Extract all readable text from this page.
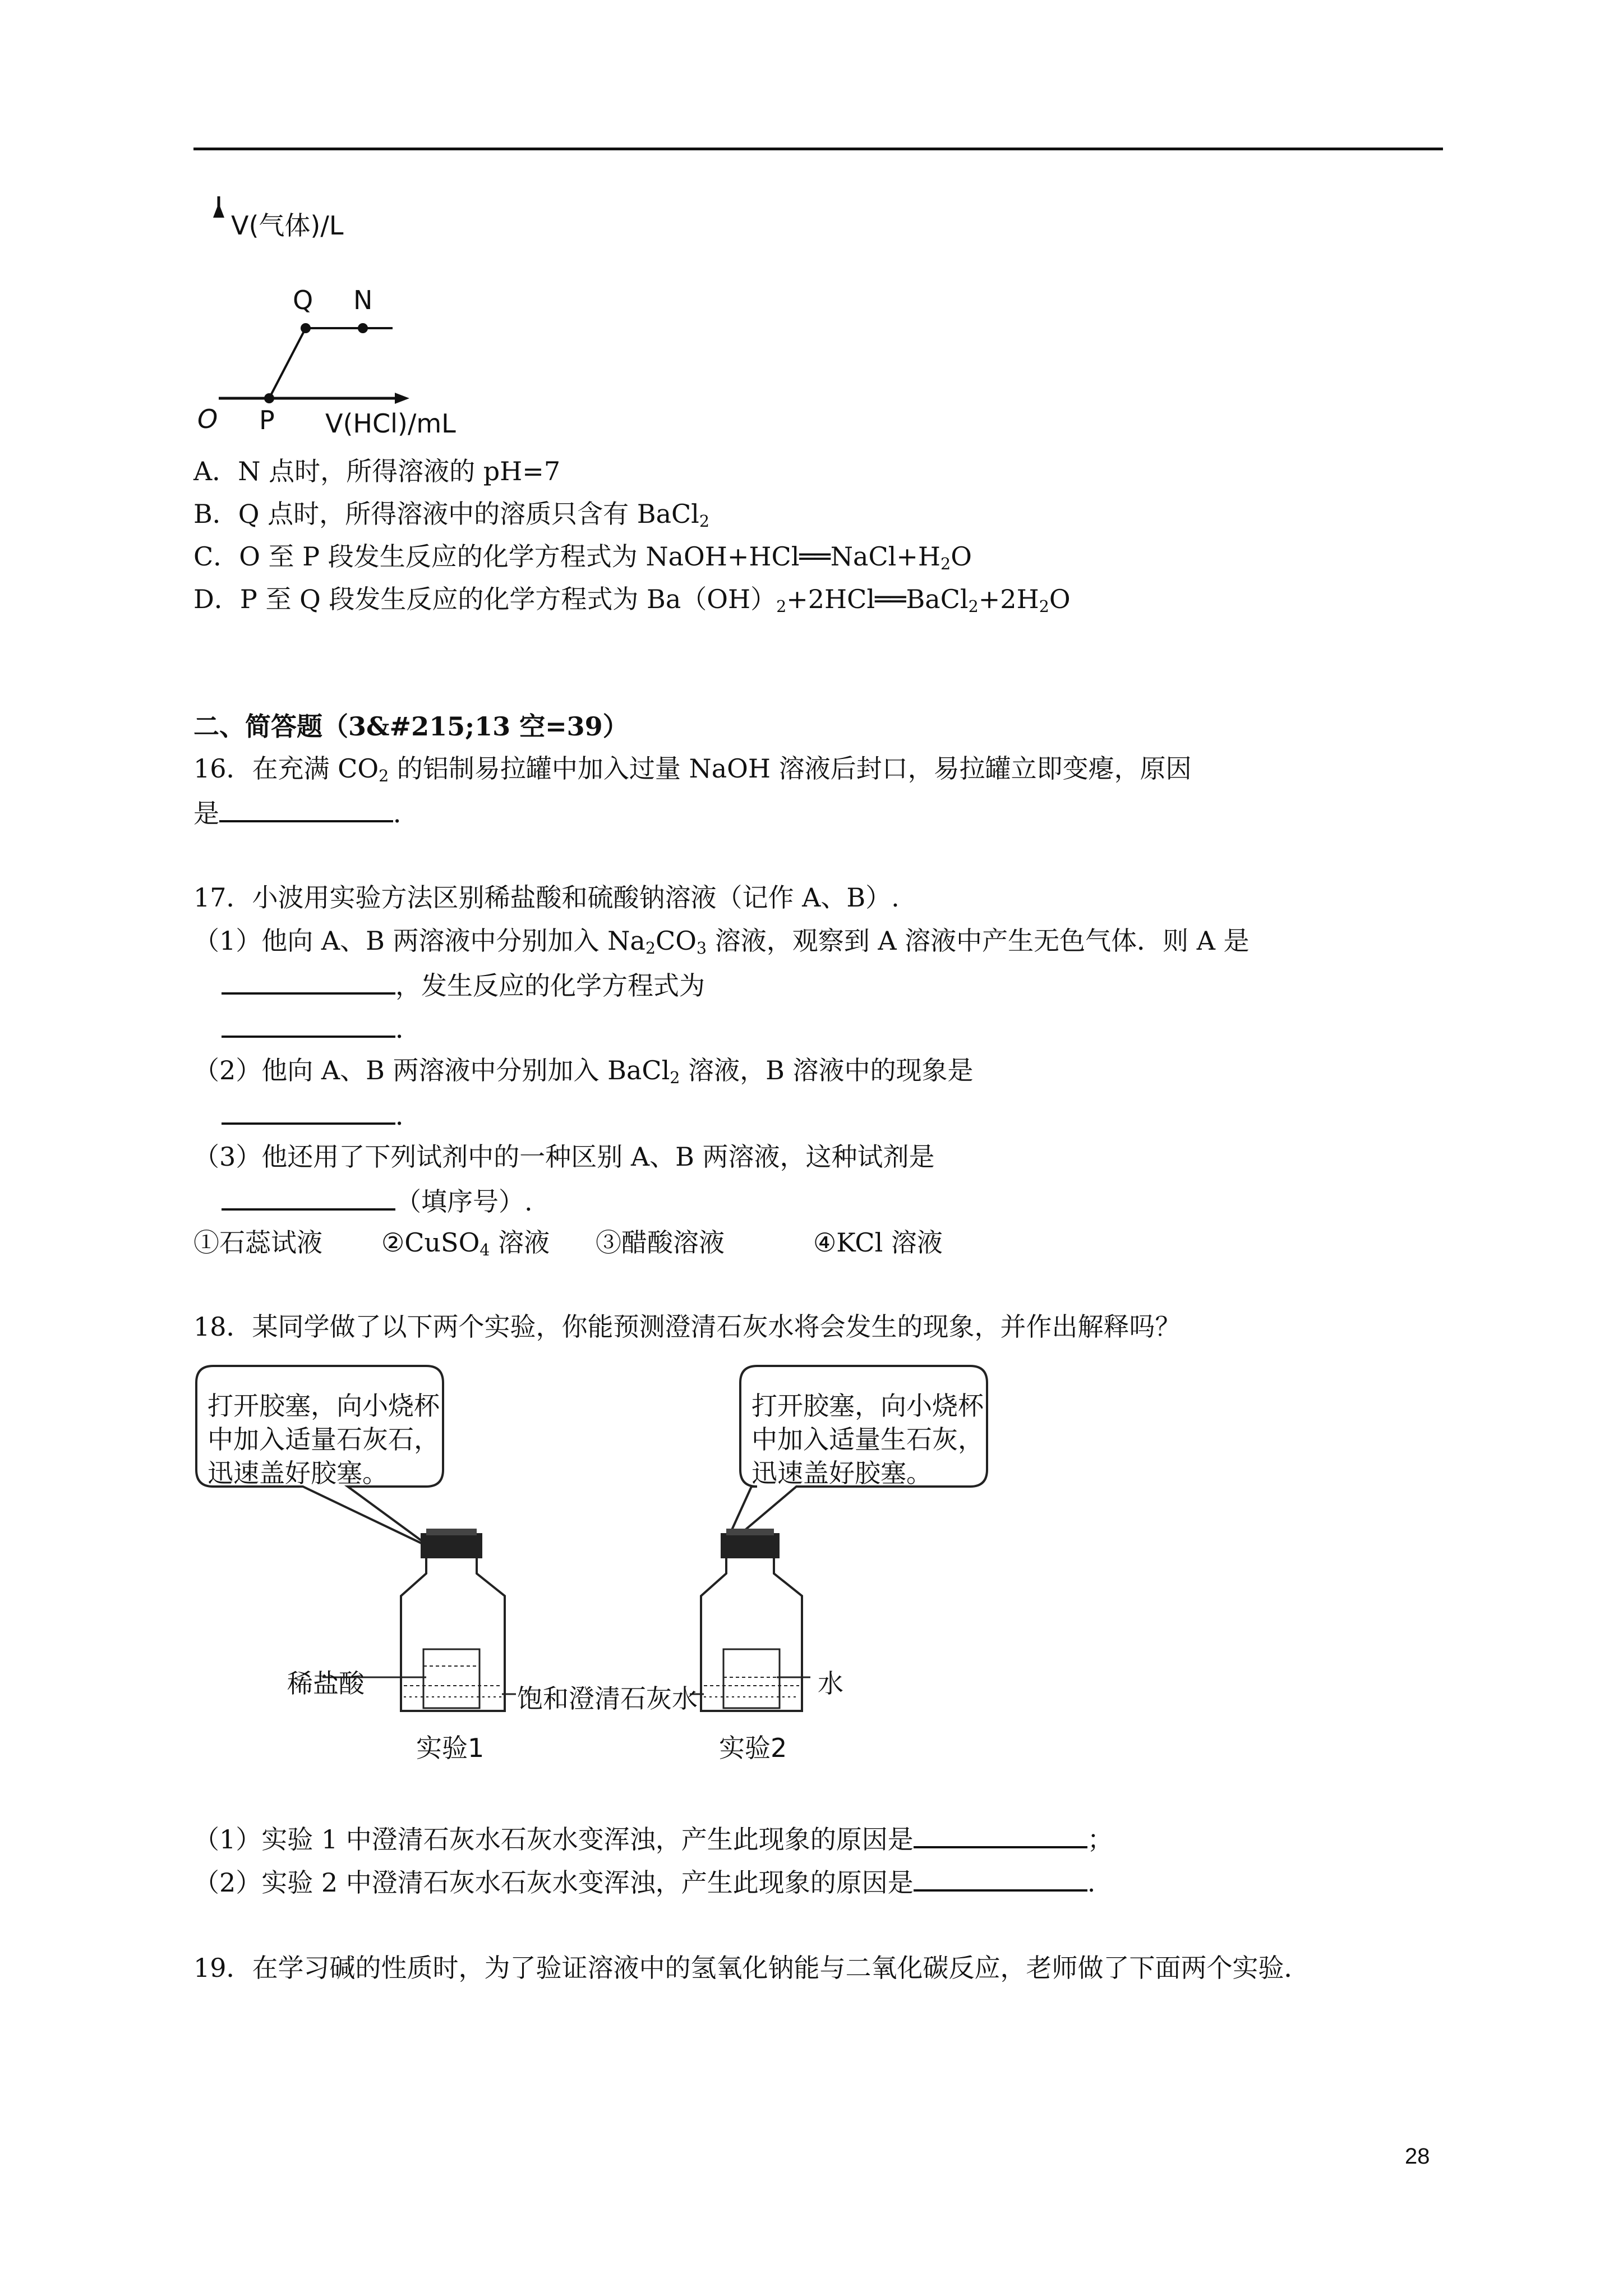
V(气体)/L
Q N
O P V(HCl)/mL
A．N 点时，所得溶液的 pH=7
B．Q 点时，所得溶液中的溶质只含有 BaCl$_2$
C．O 至 P 段发生反应的化学方程式为 $NaOH+HCl══NaCl+H_2O$
D．P 至 Q 段发生反应的化学方程式为 $Ba(OH)_2+2HCl══BaCl_2+2H_2O$
二、简答题（3&#215;13 空=39）
16．在充满 $CO_2$ 的铝制易拉罐中加入过量 NaOH 溶液后封口，易拉罐立即变瘪，原因
是	．
17．小波用实验方法区别稀盐酸和硫酸钠溶液（记作 A、B）.
（1）他向 A、B 两溶液中分别加入 $Na_2CO_3$ 溶液，观察到 A 溶液中产生无色气体．则 A 是
，发生反应的化学方程式为
．
（2）他向 A、B 两溶液中分别加入 BaCl$_2$ 溶液，B 溶液中的现象是
．
（3）他还用了下列试剂中的一种区别 A、B 两溶液，这种试剂是
（填序号）.
①石蕊试液 ②CuSO$_4$ 溶液 ③醋酸溶液	④KCl 溶液
18．某同学做了以下两个实验，你能预测澄清石灰水将会发生的现象，并作出解释吗？
打开胶塞，向小烧杯
中加入适量石灰石，
迅速盖好胶塞。
打开胶塞，向小烧杯
中加入适量生石灰，
迅速盖好胶塞。
稀盐酸	饱和澄清石灰水	水
实验1	实验2
（1）实验 1 中澄清石灰水石灰水变浑浊，产生此现象的原因是	；
（2）实验 2 中澄清石灰水石灰水变浑浊，产生此现象的原因是	.
19．在学习碱的性质时，为了验证溶液中的氢氧化钠能与二氧化碳反应，老师做了下面两个实验．
28
